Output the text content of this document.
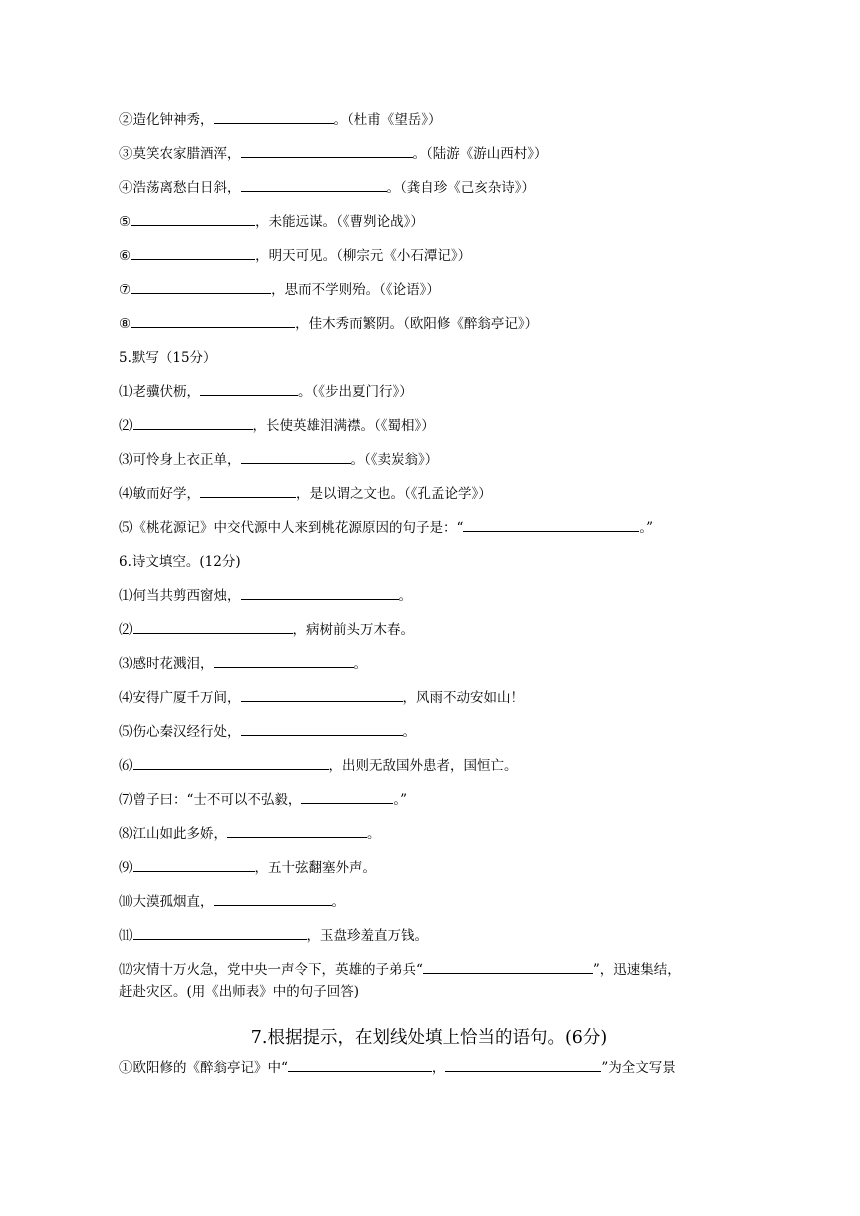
②造化钟神秀，	。（杜甫《望岳》）
③莫笑农家腊酒浑，	。（陆游《游山西村》）
④浩荡离愁白日斜，	。（龚自珍《己亥杂诗》）
⑤	，未能远谋。（《曹刿论战》）
⑥	，明天可见。（柳宗元《小石潭记》）
⑦	，思而不学则殆。（《论语》）
⑧	，佳木秀而繁阴。（欧阳修《醉翁亭记》）
5.默写（15分）
⑴老骥伏枥，	。（《步出夏门行》）
⑵	，长使英雄泪满襟。（《蜀相》）
⑶可怜身上衣正单，	。（《卖炭翁》）
⑷敏而好学，	，是以谓之文也。（《孔孟论学》）
⑸《桃花源记》中交代源中人来到桃花源原因的句子是：“	。”
6.诗文填空。(12分)
⑴何当共剪西窗烛，	。
⑵	，病树前头万木春。
⑶感时花溅泪，	。
⑷安得广厦千万间，	，风雨不动安如山！
⑸伤心秦汉经行处，	。
⑹	，出则无敌国外患者，国恒亡。
⑺曾子曰：“士不可以不弘毅，	。”
⑻江山如此多娇，	。
⑼	，五十弦翻塞外声。
⑽大漠孤烟直，	。
⑾	，玉盘珍羞直万钱。
⑿灾情十万火急，党中央一声令下，英雄的子弟兵“	”，迅速集结，
赶赴灾区。(用《出师表》中的句子回答)
7.根据提示，在划线处填上恰当的语句。(6分)
①欧阳修的《醉翁亭记》中“	，	”为全文写景
